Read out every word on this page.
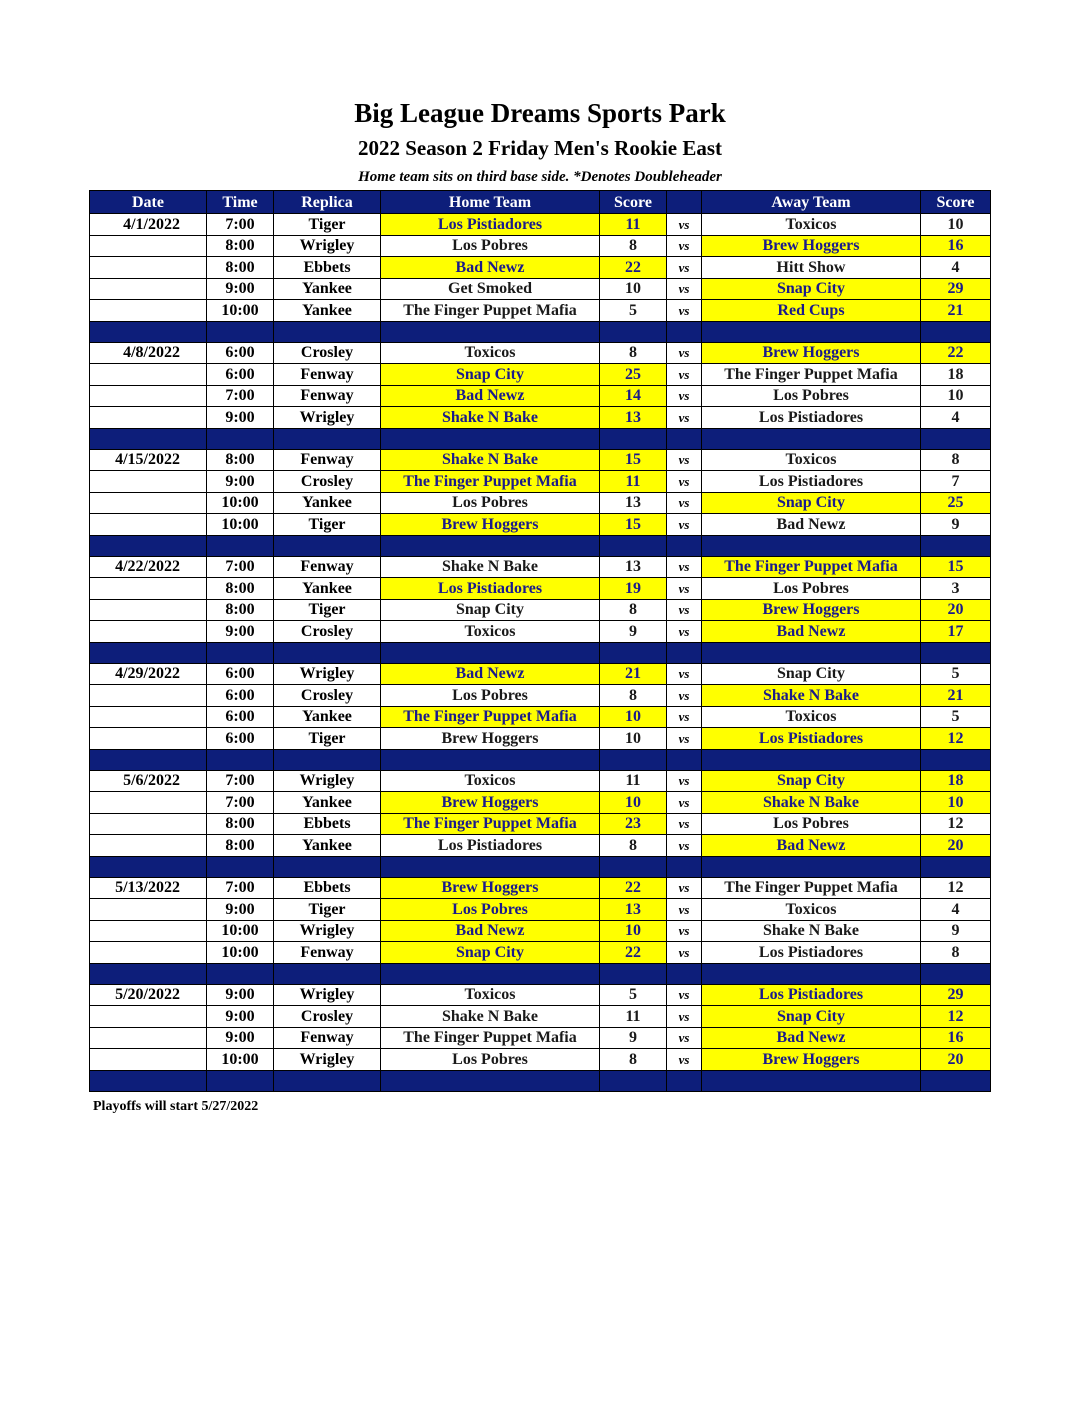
Big League Dreams Sports Park
2022 Season 2 Friday Men's Rookie East
Home team sits on third base side. *Denotes Doubleheader
Date	Time	Replica	Home Team	Score		Away Team	Score
4/1/2022	7:00	Tiger	Los Pistiadores	11	vs	Toxicos	10
	8:00	Wrigley	Los Pobres	8	vs	Brew Hoggers	16
	8:00	Ebbets	Bad Newz	22	vs	Hitt Show	4
	9:00	Yankee	Get Smoked	10	vs	Snap City	29
	10:00	Yankee	The Finger Puppet Mafia	5	vs	Red Cups	21

4/8/2022	6:00	Crosley	Toxicos	8	vs	Brew Hoggers	22
	6:00	Fenway	Snap City	25	vs	The Finger Puppet Mafia	18
	7:00	Fenway	Bad Newz	14	vs	Los Pobres	10
	9:00	Wrigley	Shake N Bake	13	vs	Los Pistiadores	4

4/15/2022	8:00	Fenway	Shake N Bake	15	vs	Toxicos	8
	9:00	Crosley	The Finger Puppet Mafia	11	vs	Los Pistiadores	7
	10:00	Yankee	Los Pobres	13	vs	Snap City	25
	10:00	Tiger	Brew Hoggers	15	vs	Bad Newz	9

4/22/2022	7:00	Fenway	Shake N Bake	13	vs	The Finger Puppet Mafia	15
	8:00	Yankee	Los Pistiadores	19	vs	Los Pobres	3
	8:00	Tiger	Snap City	8	vs	Brew Hoggers	20
	9:00	Crosley	Toxicos	9	vs	Bad Newz	17

4/29/2022	6:00	Wrigley	Bad Newz	21	vs	Snap City	5
	6:00	Crosley	Los Pobres	8	vs	Shake N Bake	21
	6:00	Yankee	The Finger Puppet Mafia	10	vs	Toxicos	5
	6:00	Tiger	Brew Hoggers	10	vs	Los Pistiadores	12

5/6/2022	7:00	Wrigley	Toxicos	11	vs	Snap City	18
	7:00	Yankee	Brew Hoggers	10	vs	Shake N Bake	10
	8:00	Ebbets	The Finger Puppet Mafia	23	vs	Los Pobres	12
	8:00	Yankee	Los Pistiadores	8	vs	Bad Newz	20

5/13/2022	7:00	Ebbets	Brew Hoggers	22	vs	The Finger Puppet Mafia	12
	9:00	Tiger	Los Pobres	13	vs	Toxicos	4
	10:00	Wrigley	Bad Newz	10	vs	Shake N Bake	9
	10:00	Fenway	Snap City	22	vs	Los Pistiadores	8

5/20/2022	9:00	Wrigley	Toxicos	5	vs	Los Pistiadores	29
	9:00	Crosley	Shake N Bake	11	vs	Snap City	12
	9:00	Fenway	The Finger Puppet Mafia	9	vs	Bad Newz	16
	10:00	Wrigley	Los Pobres	8	vs	Brew Hoggers	20

Playoffs will start 5/27/2022
